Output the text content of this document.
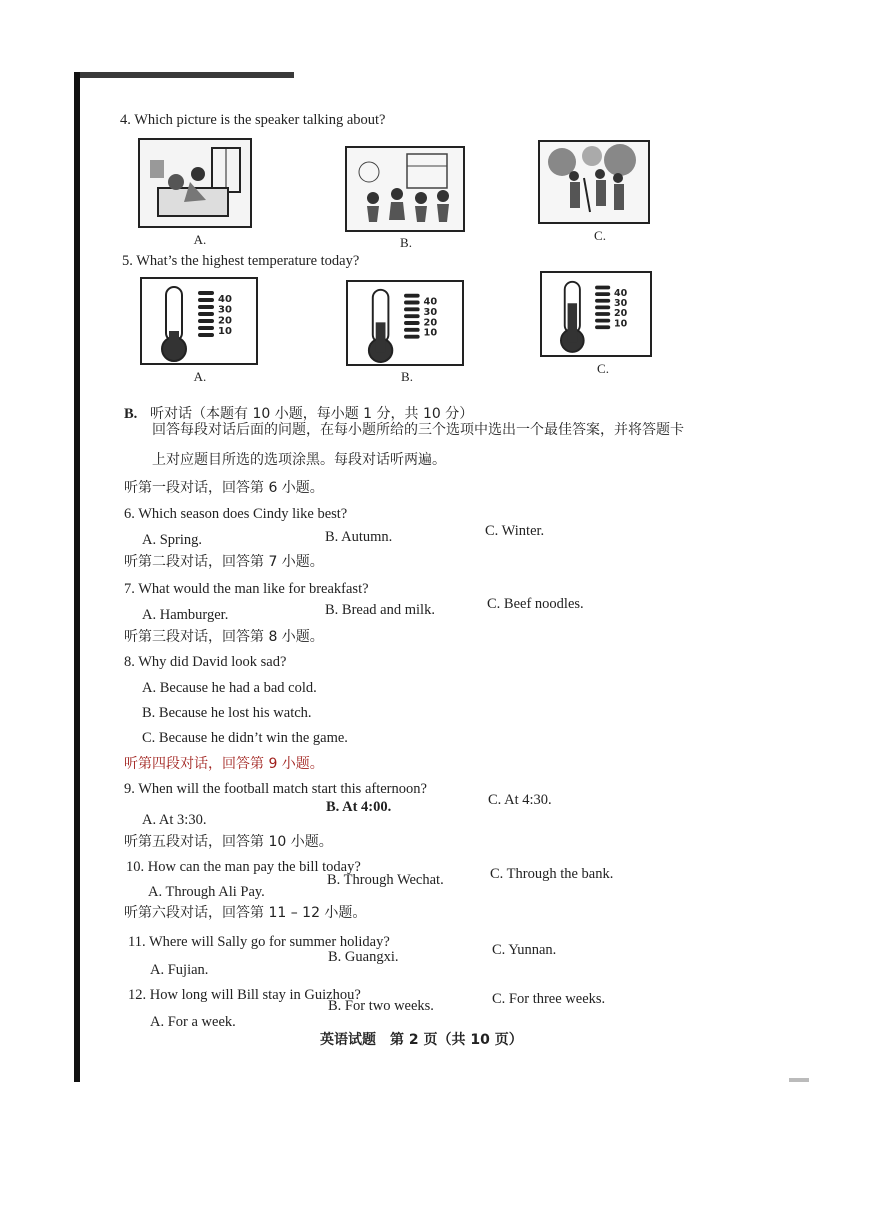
4. Which picture is the speaker talking about?
A.	B.	C.
5. What’s the highest temperature today?
40
30
20
10
A.
40
30
20
10
B.
40
30
20
10
C.
B. 听对话（本题有 10 小题，每小题 1 分，共 10 分）
回答每段对话后面的问题，在每小题所给的三个选项中选出一个最佳答案，并将答题卡
上对应题目所选的选项涂黑。每段对话听两遍。
听第一段对话，回答第 6 小题。
6. Which season does Cindy like best?
A. Spring.	B. Autumn.	C. Winter.
听第二段对话，回答第 7 小题。
7. What would the man like for breakfast?
A. Hamburger.	B. Bread and milk.	C. Beef noodles.
听第三段对话，回答第 8 小题。
8. Why did David look sad?
A. Because he had a bad cold.
B. Because he lost his watch.
C. Because he didn’t win the game.
听第四段对话，回答第 9 小题。
9. When will the football match start this afternoon?
A. At 3:30.
B. At 4:00.	C. At 4:30.
听第五段对话，回答第 10 小题。
10. How can the man pay the bill today?
A. Through Ali Pay.
B. Through Wechat.	C. Through the bank.
听第六段对话，回答第 11 – 12 小题。
11. Where will Sally go for summer holiday?
A. Fujian.
B. Guangxi.	C. Yunnan.
12. How long will Bill stay in Guizhou?
A. For a week.
B. For two weeks.	C. For three weeks.
英语试题　第 2 页（共 10 页）
